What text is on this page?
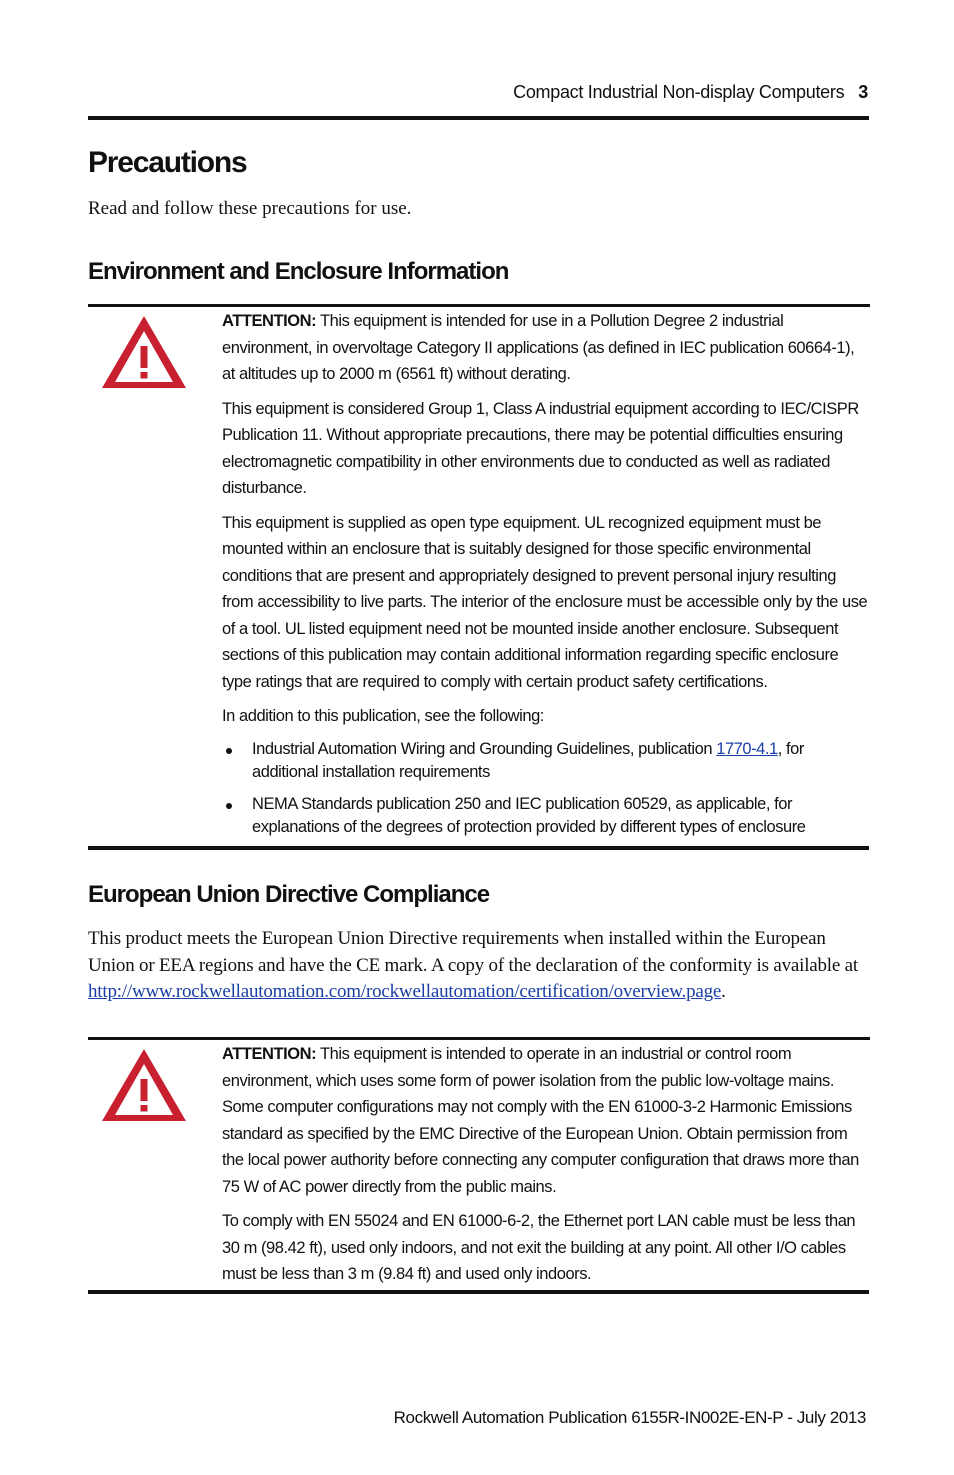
Compact Industrial Non-display Computers 3
Precautions

Read and follow these precautions for use.

Environment and Enclosure Information

ATTENTION: This equipment is intended for use in a Pollution Degree 2 industrial environment, in overvoltage Category II applications (as defined in IEC publication 60664-1), at altitudes up to 2000 m (6561 ft) without derating.

This equipment is considered Group 1, Class A industrial equipment according to IEC/CISPR Publication 11. Without appropriate precautions, there may be potential difficulties ensuring electromagnetic compatibility in other environments due to conducted as well as radiated disturbance.

This equipment is supplied as open type equipment. UL recognized equipment must be mounted within an enclosure that is suitably designed for those specific environmental conditions that are present and appropriately designed to prevent personal injury resulting from accessibility to live parts. The interior of the enclosure must be accessible only by the use of a tool. UL listed equipment need not be mounted inside another enclosure. Subsequent sections of this publication may contain additional information regarding specific enclosure type ratings that are required to comply with certain product safety certifications.

In addition to this publication, see the following:

Industrial Automation Wiring and Grounding Guidelines, publication 1770-4.1, for additional installation requirements
NEMA Standards publication 250 and IEC publication 60529, as applicable, for explanations of the degrees of protection provided by different types of enclosure
European Union Directive Compliance

This product meets the European Union Directive requirements when installed within the European Union or EEA regions and have the CE mark. A copy of the declaration of the conformity is available at http://www.rockwellautomation.com/rockwellautomation/certification/overview.page.

ATTENTION: This equipment is intended to operate in an industrial or control room environment, which uses some form of power isolation from the public low-voltage mains. Some computer configurations may not comply with the EN 61000-3-2 Harmonic Emissions standard as specified by the EMC Directive of the European Union. Obtain permission from the local power authority before connecting any computer configuration that draws more than 75 W of AC power directly from the public mains.

To comply with EN 55024 and EN 61000-6-2, the Ethernet port LAN cable must be less than 30 m (98.42 ft), used only indoors, and not exit the building at any point. All other I/O cables must be less than 3 m (9.84 ft) and used only indoors.

Rockwell Automation Publication 6155R-IN002E-EN-P - July 2013
